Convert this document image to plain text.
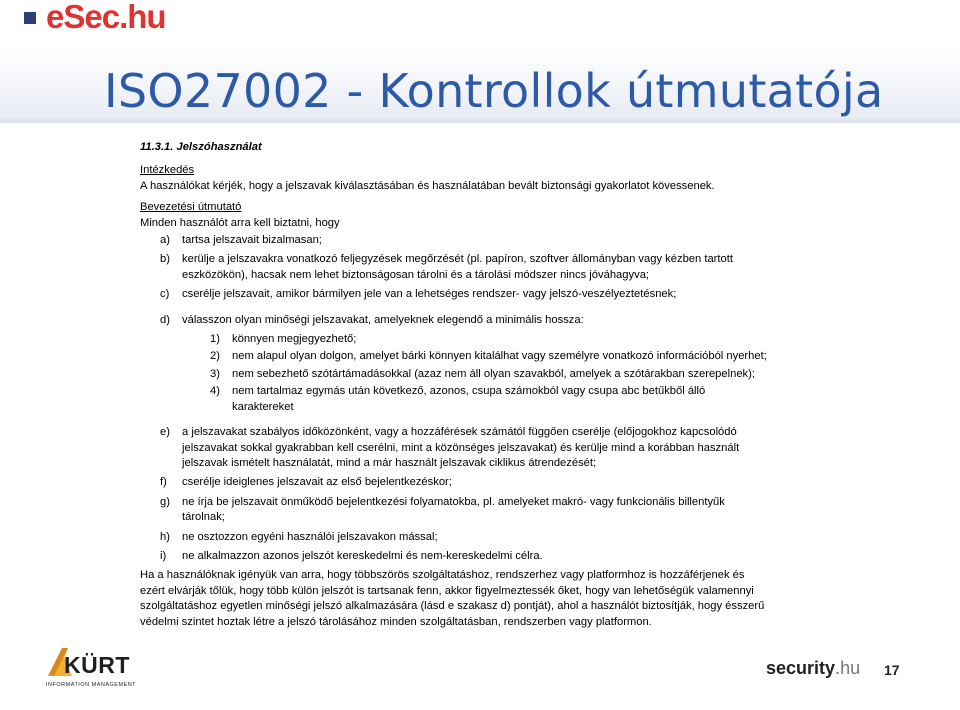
eSec.hu
ISO27002 - Kontrollok útmutatója
11.3.1. Jelszóhasználat
Intézkedés
A használókat kérjék, hogy a jelszavak kiválasztásában és használatában bevált biztonsági gyakorlatot kövessenek.
Bevezetési útmutató
Minden használót arra kell biztatni, hogy
a)	tartsa jelszavait bizalmasan;
b)	kerülje a jelszavakra vonatkozó feljegyzések megőrzését (pl. papíron, szoftver állományban vagy kézben tartott eszközökön), hacsak nem lehet biztonságosan tárolni és a tárolási módszer nincs jóváhagyva;
c)	cserélje jelszavait, amikor bármilyen jele van a lehetséges rendszer- vagy jelszó-veszélyeztetésnek;
d)	válasszon olyan minőségi jelszavakat, amelyeknek elegendő a minimális hossza:
1)	könnyen megjegyezhető;
2)	nem alapul olyan dolgon, amelyet bárki könnyen kitalálhat vagy személyre vonatkozó információból nyerhet;
3)	nem sebezhető szótártámadásokkal (azaz nem áll olyan szavakból, amelyek a szótárakban szerepelnek);
4)	nem tartalmaz egymás után következő, azonos, csupa számokból vagy csupa abc betűkből álló karaktereket
e)	a jelszavakat szabályos időközönként, vagy a hozzáférések számától függően cserélje (előjogokhoz kapcsolódó jelszavakat sokkal gyakrabban kell cserélni, mint a közönséges jelszavakat) és kerülje mind a korábban használt jelszavak ismételt használatát, mind a már használt jelszavak ciklikus átrendezését;
f)	cserélje ideiglenes jelszavait az első bejelentkezéskor;
g)	ne írja be jelszavait önműködő bejelentkezési folyamatokba, pl. amelyeket makró- vagy funkcionális billentyűk tárolnak;
h)	ne osztozzon egyéni használói jelszavakon mással;
i)	ne alkalmazzon azonos jelszót kereskedelmi és nem-kereskedelmi célra.
Ha a használóknak igényük van arra, hogy többszörös szolgáltatáshoz, rendszerhez vagy platformhoz is hozzáférjenek és ezért elvárják tőlük, hogy több külön jelszót is tartsanak fenn, akkor figyelmeztessék őket, hogy van lehetőségük valamennyi szolgáltatáshoz egyetlen minőségi jelszó alkalmazására (lásd e szakasz d) pontját), ahol a használót biztosítják, hogy ésszerű védelmi szintet hoztak létre a jelszó tárolásához minden szolgáltatásban, rendszerben vagy platformon.
KÜRT
INFORMATION MANAGEMENT
security.hu 17
